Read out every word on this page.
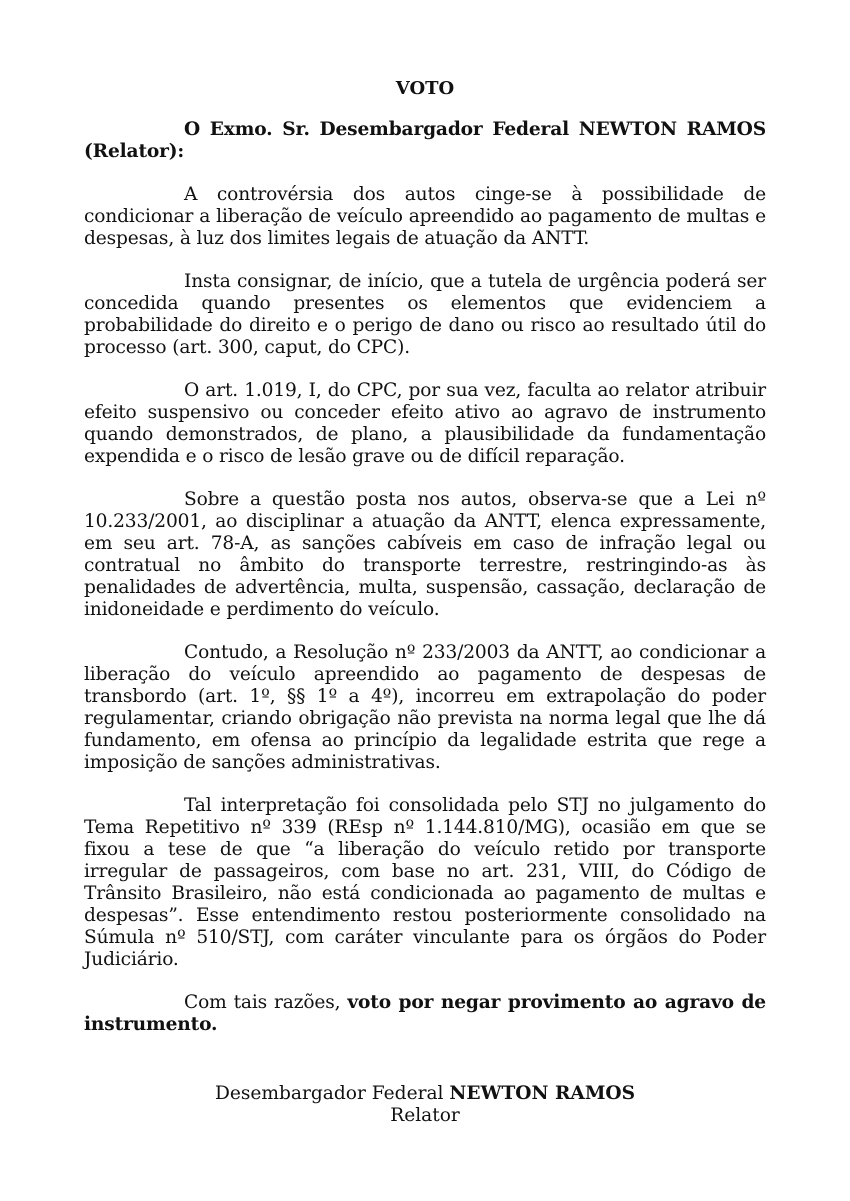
VOTO

O Exmo. Sr. Desembargador Federal NEWTON RAMOS (Relator):

A controvérsia dos autos cinge-se à possibilidade de condicionar a liberação de veículo apreendido ao pagamento de multas e despesas, à luz dos limites legais de atuação da ANTT.

Insta consignar, de início, que a tutela de urgência poderá ser concedida quando presentes os elementos que evidenciem a probabilidade do direito e o perigo de dano ou risco ao resultado útil do processo (art. 300, caput, do CPC).

O art. 1.019, I, do CPC, por sua vez, faculta ao relator atribuir efeito suspensivo ou conceder efeito ativo ao agravo de instrumento quando demonstrados, de plano, a plausibilidade da fundamentação expendida e o risco de lesão grave ou de difícil reparação.

Sobre a questão posta nos autos, observa-se que a Lei nº 10.233/2001, ao disciplinar a atuação da ANTT, elenca expressamente, em seu art. 78-A, as sanções cabíveis em caso de infração legal ou contratual no âmbito do transporte terrestre, restringindo-as às penalidades de advertência, multa, suspensão, cassação, declaração de inidoneidade e perdimento do veículo.

Contudo, a Resolução nº 233/2003 da ANTT, ao condicionar a liberação do veículo apreendido ao pagamento de despesas de transbordo (art. 1º, §§ 1º a 4º), incorreu em extrapolação do poder regulamentar, criando obrigação não prevista na norma legal que lhe dá fundamento, em ofensa ao princípio da legalidade estrita que rege a imposição de sanções administrativas.

Tal interpretação foi consolidada pelo STJ no julgamento do Tema Repetitivo nº 339 (REsp nº 1.144.810/MG), ocasião em que se fixou a tese de que “a liberação do veículo retido por transporte irregular de passageiros, com base no art. 231, VIII, do Código de Trânsito Brasileiro, não está condicionada ao pagamento de multas e despesas”. Esse entendimento restou posteriormente consolidado na Súmula nº 510/STJ, com caráter vinculante para os órgãos do Poder Judiciário.

Com tais razões, voto por negar provimento ao agravo de instrumento.

Desembargador Federal NEWTON RAMOS
Relator
